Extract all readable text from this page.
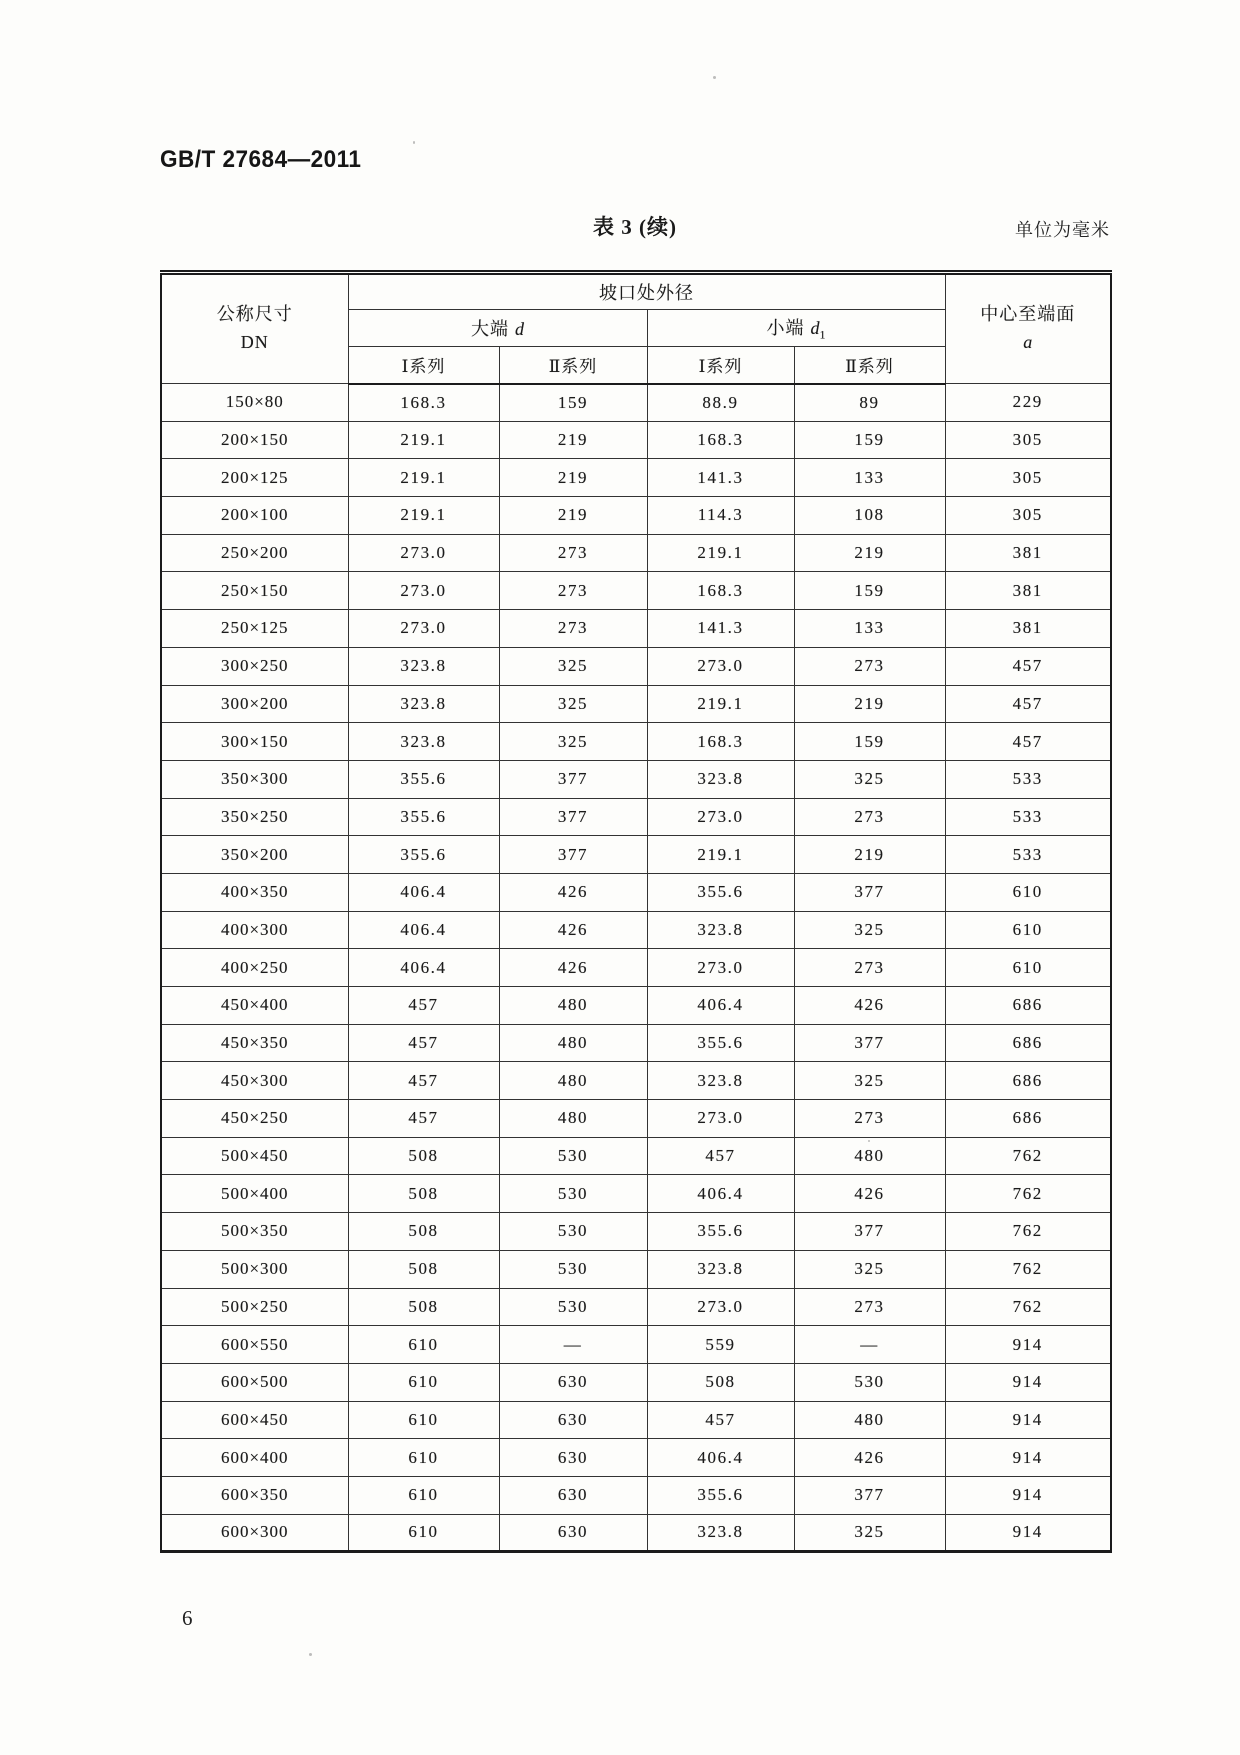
GB/T 27684—2011
表 3 (续)	单位为毫米
公称尺寸
DN
	坡口处外径	
中心至端面
a

	大端 d		小端 $d_1$
	Ⅰ系列	Ⅱ系列	Ⅰ系列	Ⅱ系列	
150×80	168.3	159	88.9	89	229
200×150	219.1	219	168.3	159	305
200×125	219.1	219	141.3	133	305
200×100	219.1	219	114.3	108	305
250×200	273.0	273	219.1	219	381
250×150	273.0	273	168.3	159	381
250×125	273.0	273	141.3	133	381
300×250	323.8	325	273.0	273	457
300×200	323.8	325	219.1	219	457
300×150	323.8	325	168.3	159	457
350×300	355.6	377	323.8	325	533
350×250	355.6	377	273.0	273	533
350×200	355.6	377	219.1	219	533
400×350	406.4	426	355.6	377	610
400×300	406.4	426	323.8	325	610
400×250	406.4	426	273.0	273	610
450×400	457	480	406.4	426	686
450×350	457	480	355.6	377	686
450×300	457	480	323.8	325	686
450×250	457	480	273.0	273	686
500×450	508	530	457	480	762
500×400	508	530	406.4	426	762
500×350	508	530	355.6	377	762
500×300	508	530	323.8	325	762
500×250	508	530	273.0	273	762
600×550	610	—	559	—	914
600×500	610	630	508	530	914
600×450	610	630	457	480	914
600×400	610	630	406.4	426	914
600×350	610	630	355.6	377	914
600×300	610	630	323.8	325	914
6
